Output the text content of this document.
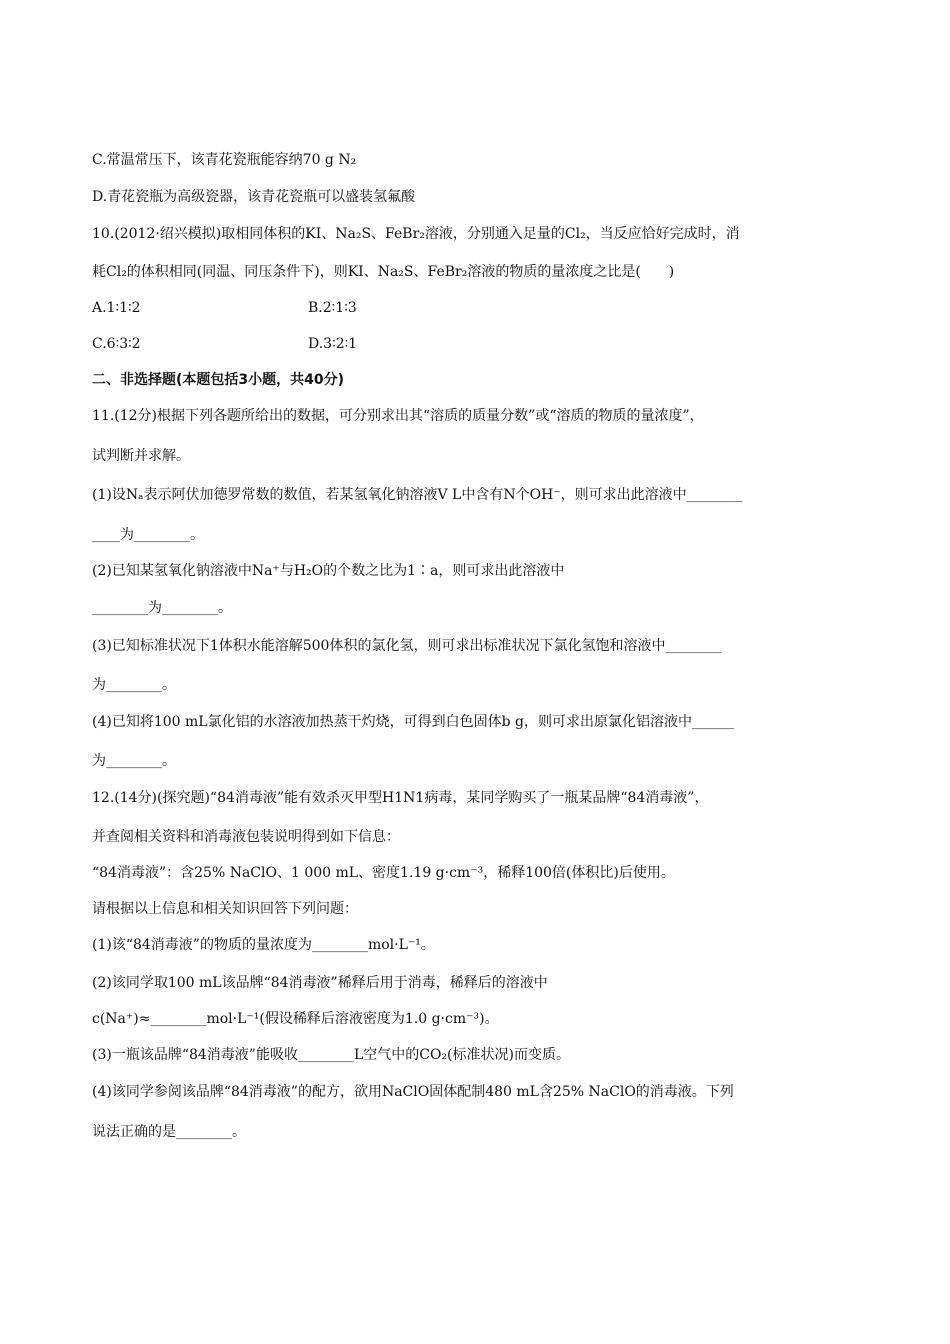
C.常温常压下，该青花瓷瓶能容纳70 g N₂
D.青花瓷瓶为高级瓷器，该青花瓷瓶可以盛装氢氟酸
10.(2012·绍兴模拟)取相同体积的KI、Na₂S、FeBr₂溶液，分别通入足量的Cl₂，当反应恰好完成时，消
耗Cl₂的体积相同(同温、同压条件下)，则KI、Na₂S、FeBr₂溶液的物质的量浓度之比是(　　)
A.1∶1∶2	B.2∶1∶3
C.6∶3∶2	D.3∶2∶1
二、非选择题(本题包括3小题，共40分)
11.(12分)根据下列各题所给出的数据，可分别求出其“溶质的质量分数”或“溶质的物质的量浓度”，
试判断并求解。
(1)设Nₐ表示阿伏加德罗常数的数值，若某氢氧化钠溶液V L中含有N个OH⁻，则可求出此溶液中________
____为________。
(2)已知某氢氧化钠溶液中Na⁺与H₂O的个数之比为1∶a，则可求出此溶液中
________为________。
(3)已知标准状况下1体积水能溶解500体积的氯化氢，则可求出标准状况下氯化氢饱和溶液中________
为________。
(4)已知将100 mL氯化铝的水溶液加热蒸干灼烧，可得到白色固体b g，则可求出原氯化铝溶液中______
为________。
12.(14分)(探究题)“84消毒液”能有效杀灭甲型H1N1病毒，某同学购买了一瓶某品牌“84消毒液”，
并查阅相关资料和消毒液包装说明得到如下信息：
“84消毒液”：含25% NaClO、1 000 mL、密度1.19 g·cm⁻³，稀释100倍(体积比)后使用。
请根据以上信息和相关知识回答下列问题：
(1)该“84消毒液”的物质的量浓度为________mol·L⁻¹。
(2)该同学取100 mL该品牌“84消毒液”稀释后用于消毒，稀释后的溶液中
c(Na⁺)≈________mol·L⁻¹(假设稀释后溶液密度为1.0 g·cm⁻³)。
(3)一瓶该品牌“84消毒液”能吸收________L空气中的CO₂(标准状况)而变质。
(4)该同学参阅该品牌“84消毒液”的配方，欲用NaClO固体配制480 mL含25% NaClO的消毒液。下列
说法正确的是________。
